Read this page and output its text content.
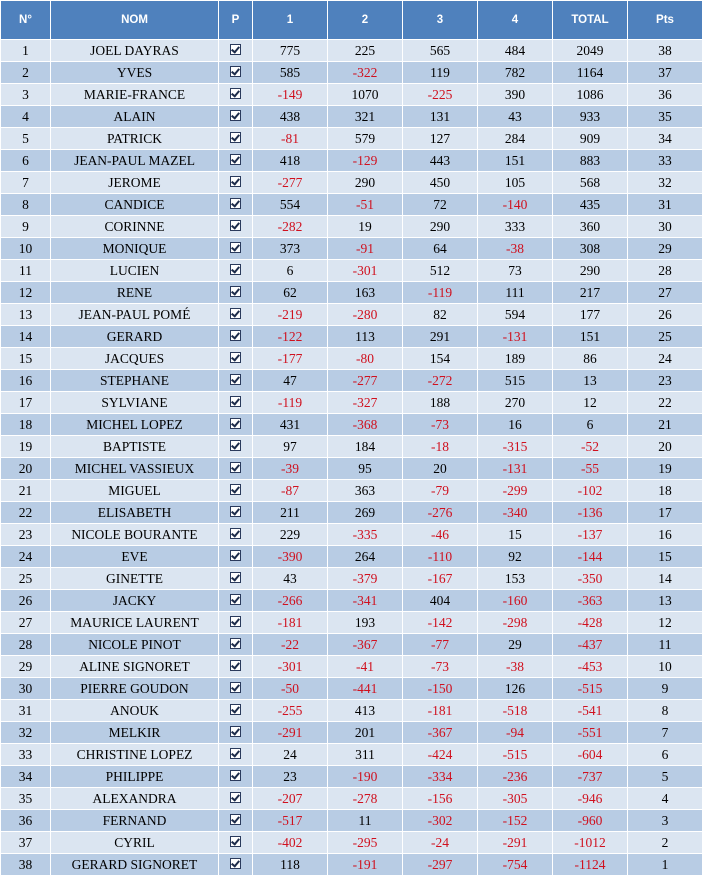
N°	NOM	P	1	2	3	4	TOTAL	Pts
1	JOEL DAYRAS		775	225	565	484	2049	38
2	YVES		585	-322	119	782	1164	37
3	MARIE-FRANCE		-149	1070	-225	390	1086	36
4	ALAIN		438	321	131	43	933	35
5	PATRICK		-81	579	127	284	909	34
6	JEAN-PAUL MAZEL		418	-129	443	151	883	33
7	JEROME		-277	290	450	105	568	32
8	CANDICE		554	-51	72	-140	435	31
9	CORINNE		-282	19	290	333	360	30
10	MONIQUE		373	-91	64	-38	308	29
11	LUCIEN		6	-301	512	73	290	28
12	RENE		62	163	-119	111	217	27
13	JEAN-PAUL POMÉ		-219	-280	82	594	177	26
14	GERARD		-122	113	291	-131	151	25
15	JACQUES		-177	-80	154	189	86	24
16	STEPHANE		47	-277	-272	515	13	23
17	SYLVIANE		-119	-327	188	270	12	22
18	MICHEL LOPEZ		431	-368	-73	16	6	21
19	BAPTISTE		97	184	-18	-315	-52	20
20	MICHEL VASSIEUX		-39	95	20	-131	-55	19
21	MIGUEL		-87	363	-79	-299	-102	18
22	ELISABETH		211	269	-276	-340	-136	17
23	NICOLE BOURANTE		229	-335	-46	15	-137	16
24	EVE		-390	264	-110	92	-144	15
25	GINETTE		43	-379	-167	153	-350	14
26	JACKY		-266	-341	404	-160	-363	13
27	MAURICE LAURENT		-181	193	-142	-298	-428	12
28	NICOLE PINOT		-22	-367	-77	29	-437	11
29	ALINE SIGNORET		-301	-41	-73	-38	-453	10
30	PIERRE GOUDON		-50	-441	-150	126	-515	9
31	ANOUK		-255	413	-181	-518	-541	8
32	MELKIR		-291	201	-367	-94	-551	7
33	CHRISTINE LOPEZ		24	311	-424	-515	-604	6
34	PHILIPPE		23	-190	-334	-236	-737	5
35	ALEXANDRA		-207	-278	-156	-305	-946	4
36	FERNAND		-517	11	-302	-152	-960	3
37	CYRIL		-402	-295	-24	-291	-1012	2
38	GERARD SIGNORET		118	-191	-297	-754	-1124	1
